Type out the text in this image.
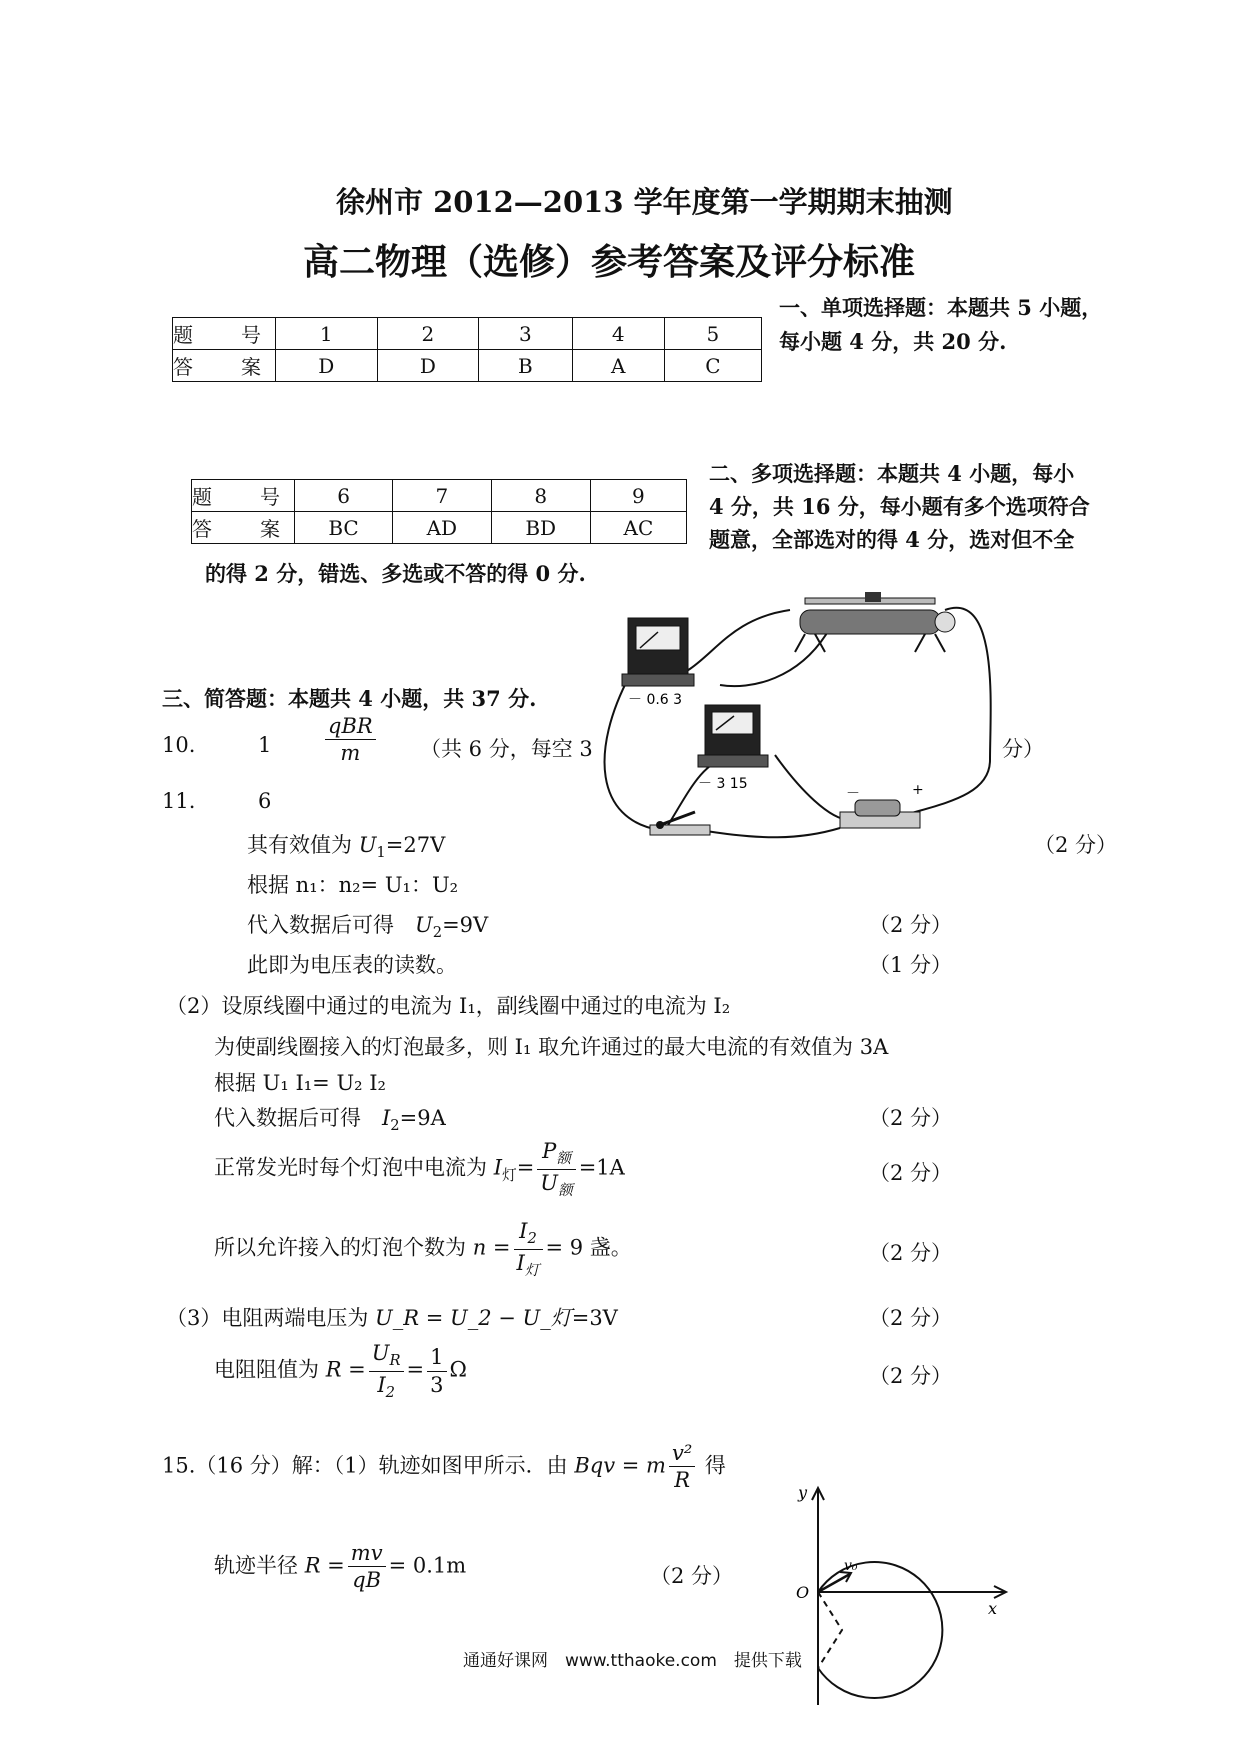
徐州市 2012—2013 学年度第一学期期末抽测
高二物理（选修）参考答案及评分标准
题　号	1	2	3	4	5
答　案	D	D	B	A	C
一、单项选择题：本题共 5 小题，
每小题 4 分，共 20 分.
题　号	6	7	8	9
答　案	BC	AD	BD	AC
二、多项选择题：本题共 4 小题，每小
4 分，共 16 分，每小题有多个选项符合
题意，全部选对的得 4 分，选对但不全
的得 2 分，错选、多选或不答的得 0 分.
－ 0.6 3
－ 3 15
－	+
三、简答题：本题共 4 小题，共 37 分.
10.	1	$\frac{\text{qBR}}{m}$ （共 6 分，每空 3	分）
11.	6
其有效值为 $U_1=27V$	（2 分）
根据 n₁：n₂= U₁：U₂
代入数据后可得　$U_2=9V$	（2 分）
此即为电压表的读数。	（1 分）
（2）设原线圈中通过的电流为 I₁，副线圈中通过的电流为 I₂
为使副线圈接入的灯泡最多，则 I₁ 取允许通过的最大电流的有效值为 3A
根据 U₁ I₁= U₂ I₂
代入数据后可得　$I_2=9A$	（2 分）
正常发光时每个灯泡中电流为 $I_灯= \frac{P_额}{U_额} =1A$	（2 分）
所以允许接入的灯泡个数为 $n = \frac{I_2}{I_灯} = 9$ 盏。	（2 分）
（3）电阻两端电压为 U_R = U_2 − U_灯=3V	（2 分）
电阻阻值为 $R = \frac{U_R}{I_2} = \frac{1}{3}$ Ω	（2 分）
15.（16 分）解：（1）轨迹如图甲所示．由 Bqv = m $\frac{\text{v²}}{R}$ 得
轨迹半径 $R = \frac{mv}{qB} = 0.1m$	（2 分）
y
x
O
v₀
通通好课网　www.tthaoke.com　提供下载
